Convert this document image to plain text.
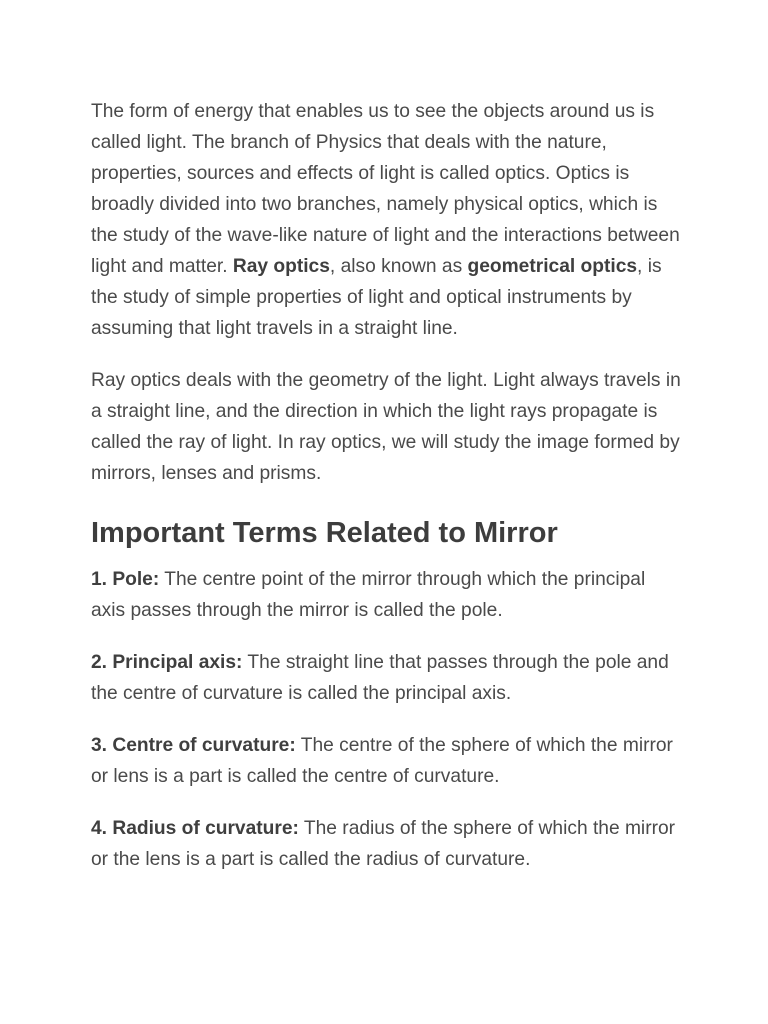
The form of energy that enables us to see the objects around us is called light. The branch of Physics that deals with the nature, properties, sources and effects of light is called optics. Optics is broadly divided into two branches, namely physical optics, which is the study of the wave-like nature of light and the interactions between light and matter. Ray optics, also known as geometrical optics, is the study of simple properties of light and optical instruments by assuming that light travels in a straight line.

Ray optics deals with the geometry of the light. Light always travels in a straight line, and the direction in which the light rays propagate is called the ray of light. In ray optics, we will study the image formed by mirrors, lenses and prisms.

Important Terms Related to Mirror

1. Pole: The centre point of the mirror through which the principal axis passes through the mirror is called the pole.

2. Principal axis: The straight line that passes through the pole and the centre of curvature is called the principal axis.

3. Centre of curvature: The centre of the sphere of which the mirror or lens is a part is called the centre of curvature.

4. Radius of curvature: The radius of the sphere of which the mirror or the lens is a part is called the radius of curvature.
